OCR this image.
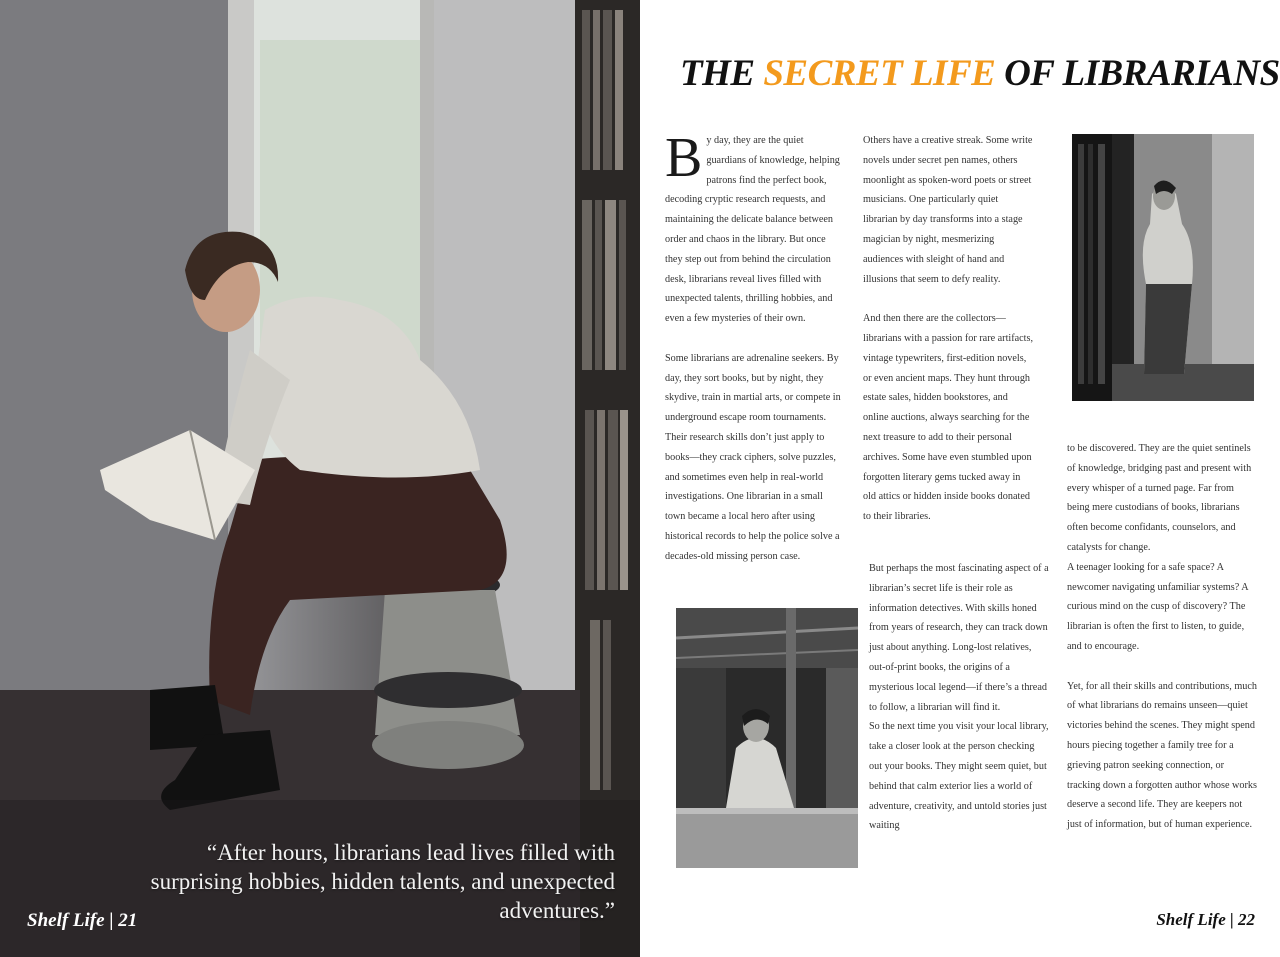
“After hours, librarians lead lives filled with surprising hobbies, hidden talents, and unexpected adventures.”
Shelf Life | 21
THE SECRET LIFE OF LIBRARIANS

By day, they are the quiet guardians of knowledge, helping patrons find the perfect book, decoding cryptic research requests, and maintaining the delicate balance between order and chaos in the library. But once they step out from behind the circulation desk, librarians reveal lives filled with unexpected talents, thrilling hobbies, and even a few mysteries of their own.

Some librarians are adrenaline seekers. By day, they sort books, but by night, they skydive, train in martial arts, or compete in underground escape room tournaments. Their research skills don’t just apply to books—they crack ciphers, solve puzzles, and sometimes even help in real-world investigations. One librarian in a small town became a local hero after using historical records to help the police solve a decades-old missing person case.

Others have a creative streak. Some write novels under secret pen names, others moonlight as spoken-word poets or street musicians. One particularly quiet librarian by day transforms into a stage magician by night, mesmerizing audiences with sleight of hand and illusions that seem to defy reality.

And then there are the collectors—librarians with a passion for rare artifacts, vintage typewriters, first-edition novels, or even ancient maps. They hunt through estate sales, hidden bookstores, and online auctions, always searching for the next treasure to add to their personal archives. Some have even stumbled upon forgotten literary gems tucked away in old attics or hidden inside books donated to their libraries.

But perhaps the most fascinating aspect of a librarian’s secret life is their role as information detectives. With skills honed from years of research, they can track down just about anything. Long-lost relatives, out-of-print books, the origins of a mysterious local legend—if there’s a thread to follow, a librarian will find it.

So the next time you visit your local library, take a closer look at the person checking out your books. They might seem quiet, but behind that calm exterior lies a world of adventure, creativity, and untold stories just waiting

to be discovered. They are the quiet sentinels of knowledge, bridging past and present with every whisper of a turned page. Far from being mere custodians of books, librarians often become confidants, counselors, and catalysts for change.

A teenager looking for a safe space? A newcomer navigating unfamiliar systems? A curious mind on the cusp of discovery? The librarian is often the first to listen, to guide, and to encourage.

Yet, for all their skills and contributions, much of what librarians do remains unseen—quiet victories behind the scenes. They might spend hours piecing together a family tree for a grieving patron seeking connection, or tracking down a forgotten author whose works deserve a second life. They are keepers not just of information, but of human experience.

Shelf Life | 22
